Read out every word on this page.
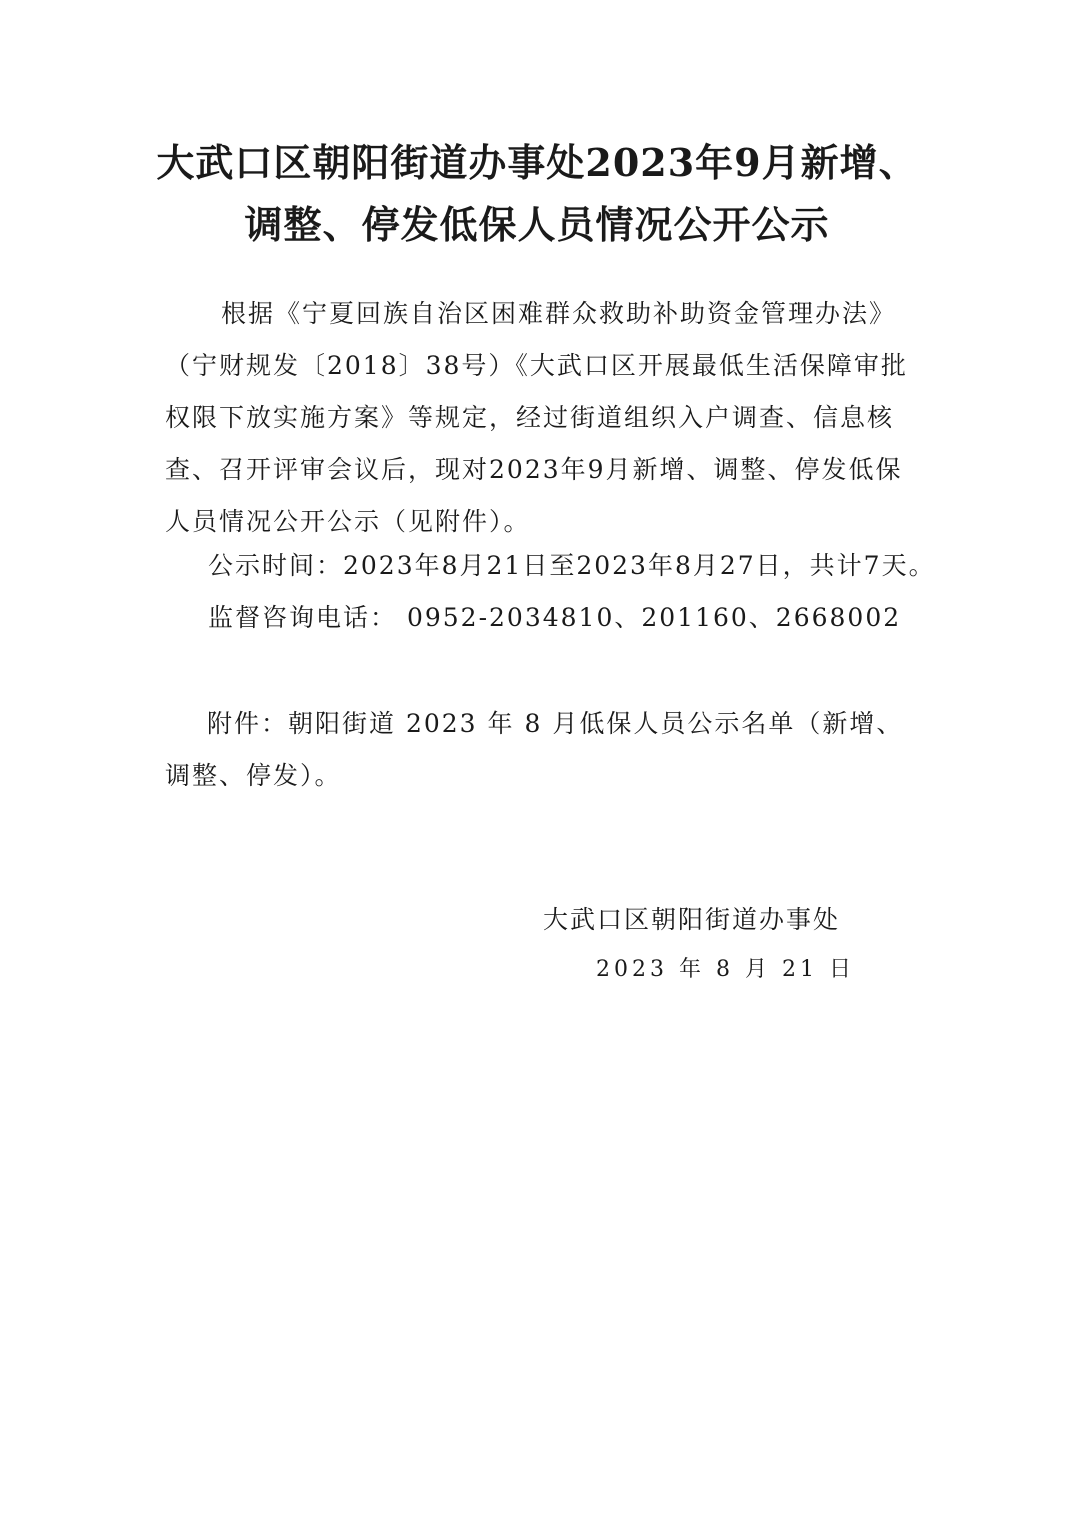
大武口区朝阳街道办事处2023年9月新增、
调整、停发低保人员情况公开公示
根据《宁夏回族自治区困难群众救助补助资金管理办法》（宁财规发〔2018〕38号）《大武口区开展最低生活保障审批权限下放实施方案》等规定，经过街道组织入户调查、信息核查、召开评审会议后，现对2023年9月新增、调整、停发低保人员情况公开公示（见附件）。
公示时间：2023年8月21日至2023年8月27日，共计7天。
监督咨询电话： 0952-2034810、201160、2668002
附件：朝阳街道 2023 年 8 月低保人员公示名单（新增、调整、停发）。
大武口区朝阳街道办事处
2023 年 8 月 21 日
